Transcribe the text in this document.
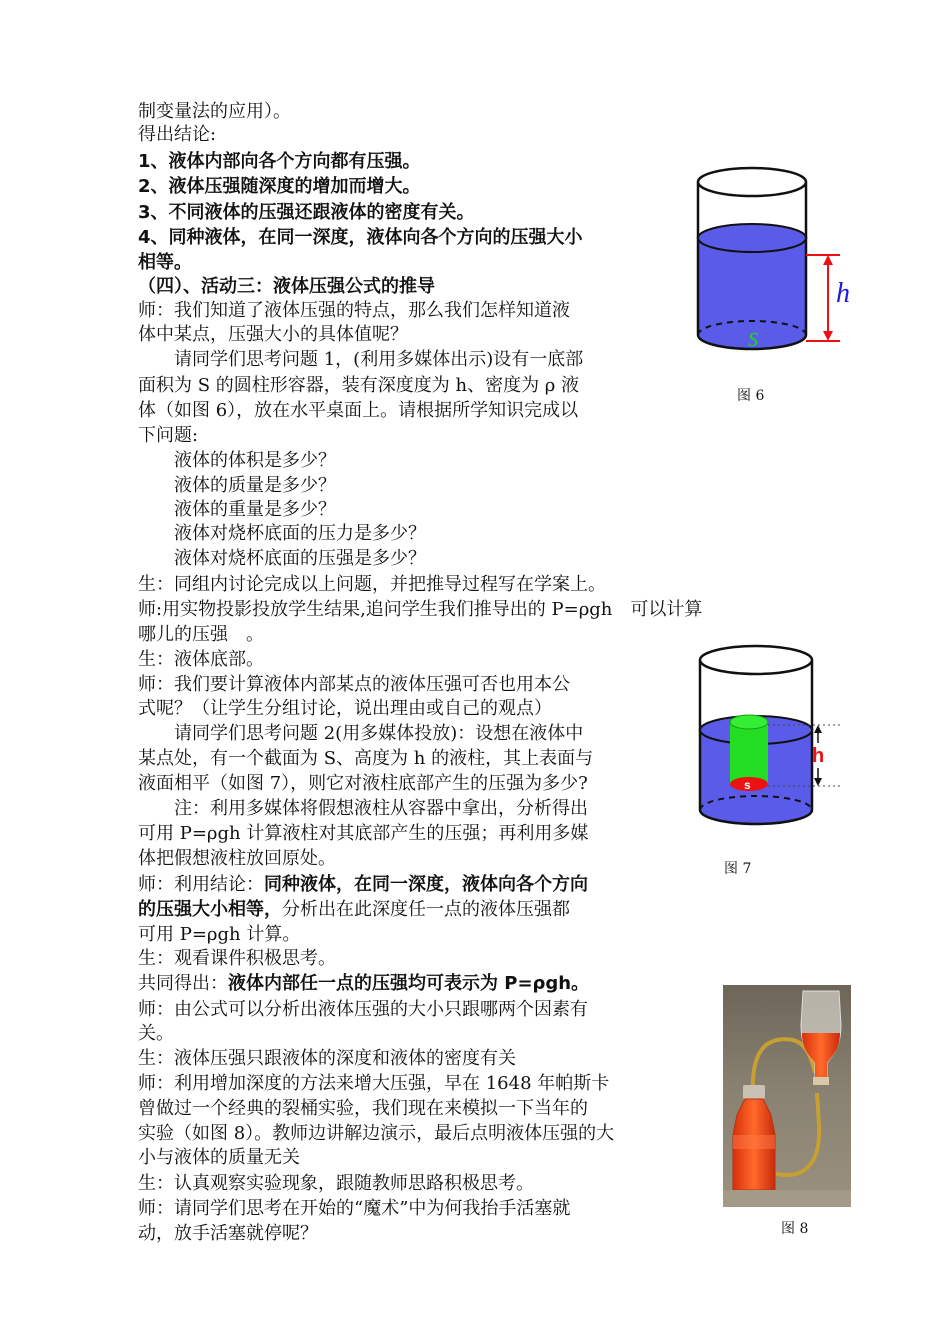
制变量法的应用）。
得出结论:
1、液体内部向各个方向都有压强。
2、液体压强随深度的增加而增大。
3、不同液体的压强还跟液体的密度有关。
4、同种液体，在同一深度，液体向各个方向的压强大小
相等。
（四）、活动三：液体压强公式的推导
师：我们知道了液体压强的特点，那么我们怎样知道液
体中某点，压强大小的具体值呢？
　　请同学们思考问题 1，(利用多媒体出示)设有一底部
面积为 S 的圆柱形容器，装有深度度为 h、密度为 ρ 液
体（如图 6），放在水平桌面上。请根据所学知识完成以
下问题:
　　液体的体积是多少？
　　液体的质量是多少？
　　液体的重量是多少？
　　液体对烧杯底面的压力是多少？
　　液体对烧杯底面的压强是多少？
生：同组内讨论完成以上问题，并把推导过程写在学案上。
师:用实物投影投放学生结果,追问学生我们推导出的 P=ρgh　可以计算
哪儿的压强　。
生：液体底部。
师：我们要计算液体内部某点的液体压强可否也用本公
式呢？（让学生分组讨论，说出理由或自己的观点）
　　请同学们思考问题 2(用多媒体投放)：设想在液体中
某点处，有一个截面为 S、高度为 h 的液柱，其上表面与
液面相平（如图 7），则它对液柱底部产生的压强为多少?
　　注：利用多媒体将假想液柱从容器中拿出，分析得出
可用 P=ρgh 计算液柱对其底部产生的压强；再利用多媒
体把假想液柱放回原处。
师：利用结论：同种液体，在同一深度，液体向各个方向
的压强大小相等，分析出在此深度任一点的液体压强都
可用 P=ρgh 计算。
生：观看课件积极思考。
共同得出：液体内部任一点的压强均可表示为 P=ρgh。
师：由公式可以分析出液体压强的大小只跟哪两个因素有
关。
生：液体压强只跟液体的深度和液体的密度有关
师：利用增加深度的方法来增大压强，早在 1648 年帕斯卡
曾做过一个经典的裂桶实验，我们现在来模拟一下当年的
实验（如图 8）。教师边讲解边演示，最后点明液体压强的大
小与液体的质量无关
生：认真观察实验现象，跟随教师思路积极思考。
师：请同学们思考在开始的“魔术”中为何我抬手活塞就
动，放手活塞就停呢？
h
s
图 6
s
h
图 7
图 8
